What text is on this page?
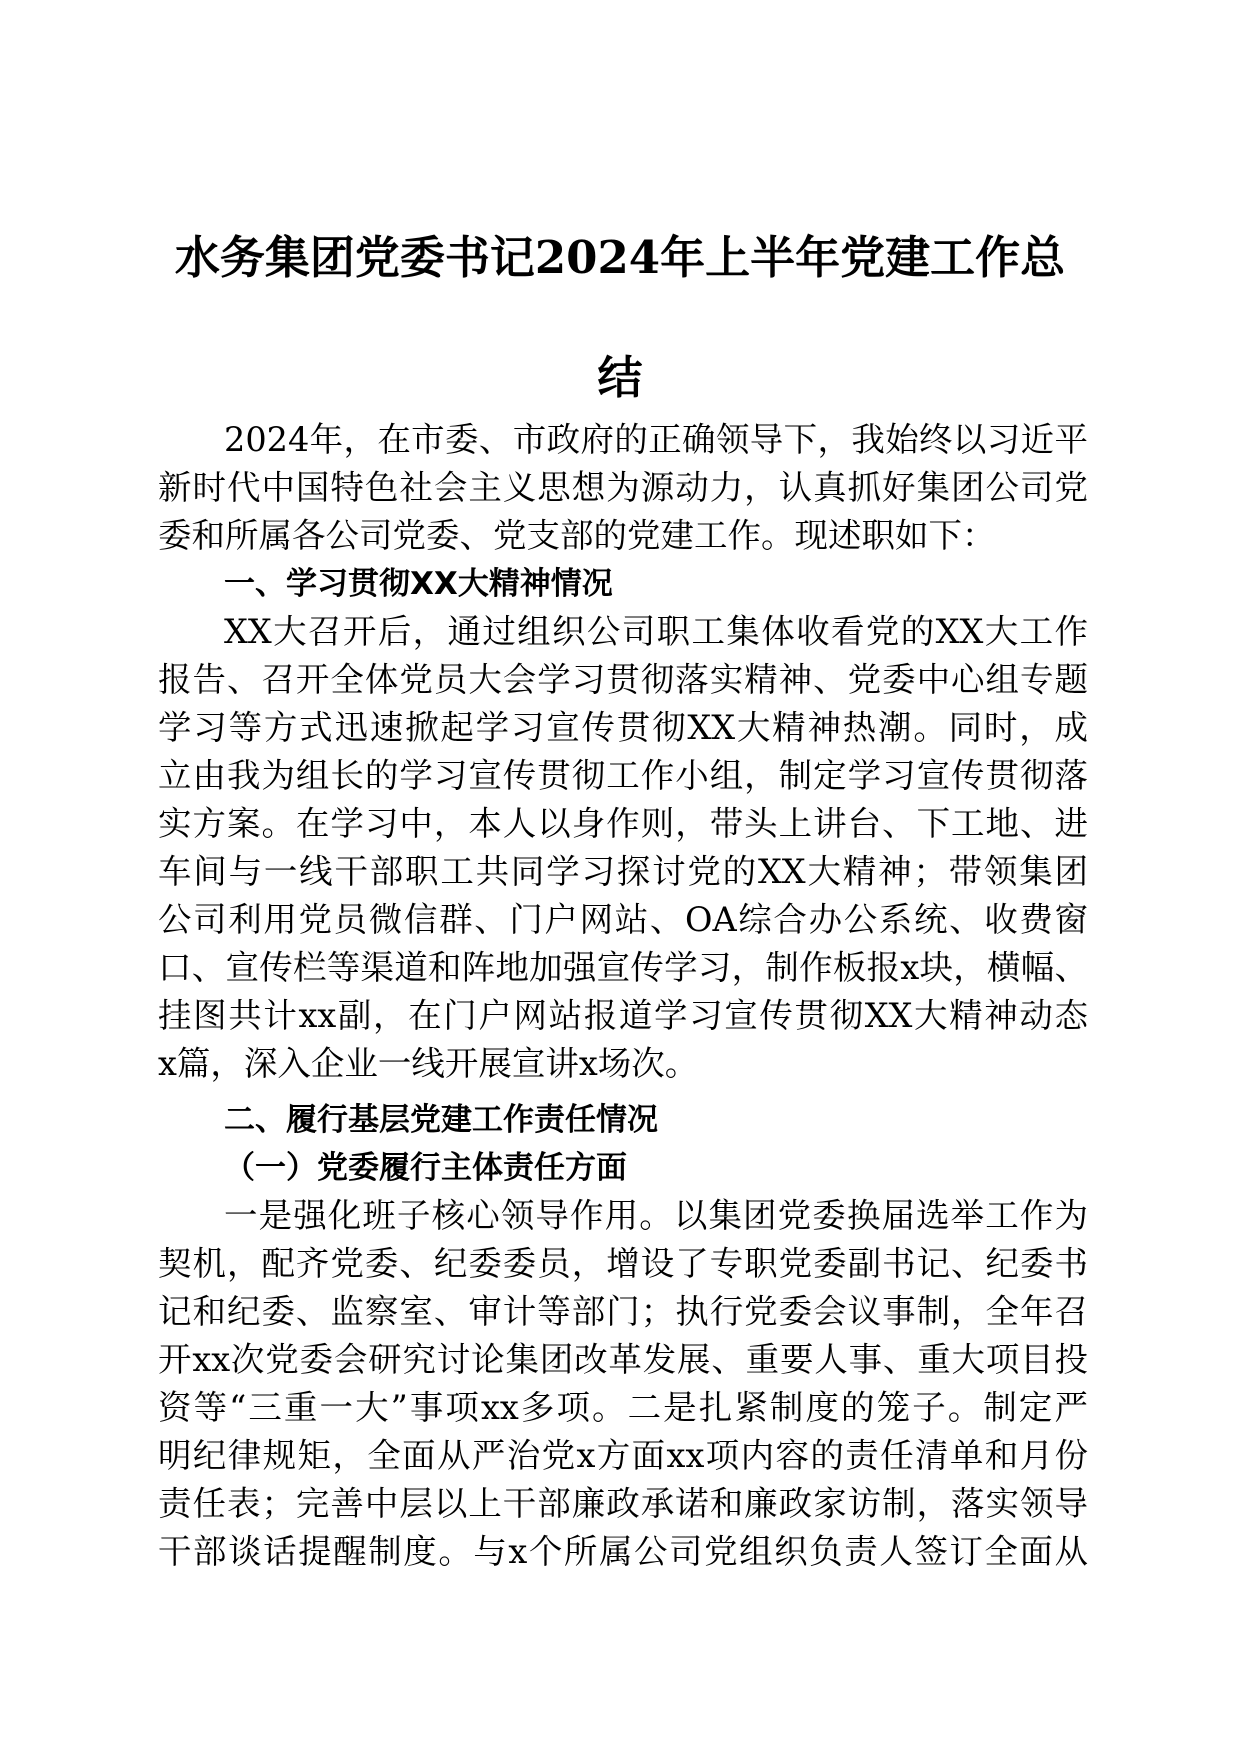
水务集团党委书记2024年上半年党建工作总
结

2024年，在市委、市政府的正确领导下，我始终以习近平

新时代中国特色社会主义思想为源动力，认真抓好集团公司党

委和所属各公司党委、党支部的党建工作。现述职如下：

一、学习贯彻XX大精神情况

XX大召开后，通过组织公司职工集体收看党的XX大工作

报告、召开全体党员大会学习贯彻落实精神、党委中心组专题

学习等方式迅速掀起学习宣传贯彻XX大精神热潮。同时，成

立由我为组长的学习宣传贯彻工作小组，制定学习宣传贯彻落

实方案。在学习中，本人以身作则，带头上讲台、下工地、进

车间与一线干部职工共同学习探讨党的XX大精神；带领集团

公司利用党员微信群、门户网站、OA综合办公系统、收费窗

口、宣传栏等渠道和阵地加强宣传学习，制作板报x块，横幅、

挂图共计xx副，在门户网站报道学习宣传贯彻XX大精神动态

x篇，深入企业一线开展宣讲x场次。

二、履行基层党建工作责任情况
（一）党委履行主体责任方面

一是强化班子核心领导作用。以集团党委换届选举工作为

契机，配齐党委、纪委委员，增设了专职党委副书记、纪委书

记和纪委、监察室、审计等部门；执行党委会议事制，全年召

开xx次党委会研究讨论集团改革发展、重要人事、重大项目投

资等“三重一大”事项xx多项。二是扎紧制度的笼子。制定严

明纪律规矩，全面从严治党x方面xx项内容的责任清单和月份

责任表；完善中层以上干部廉政承诺和廉政家访制，落实领导

干部谈话提醒制度。与x个所属公司党组织负责人签订全面从
